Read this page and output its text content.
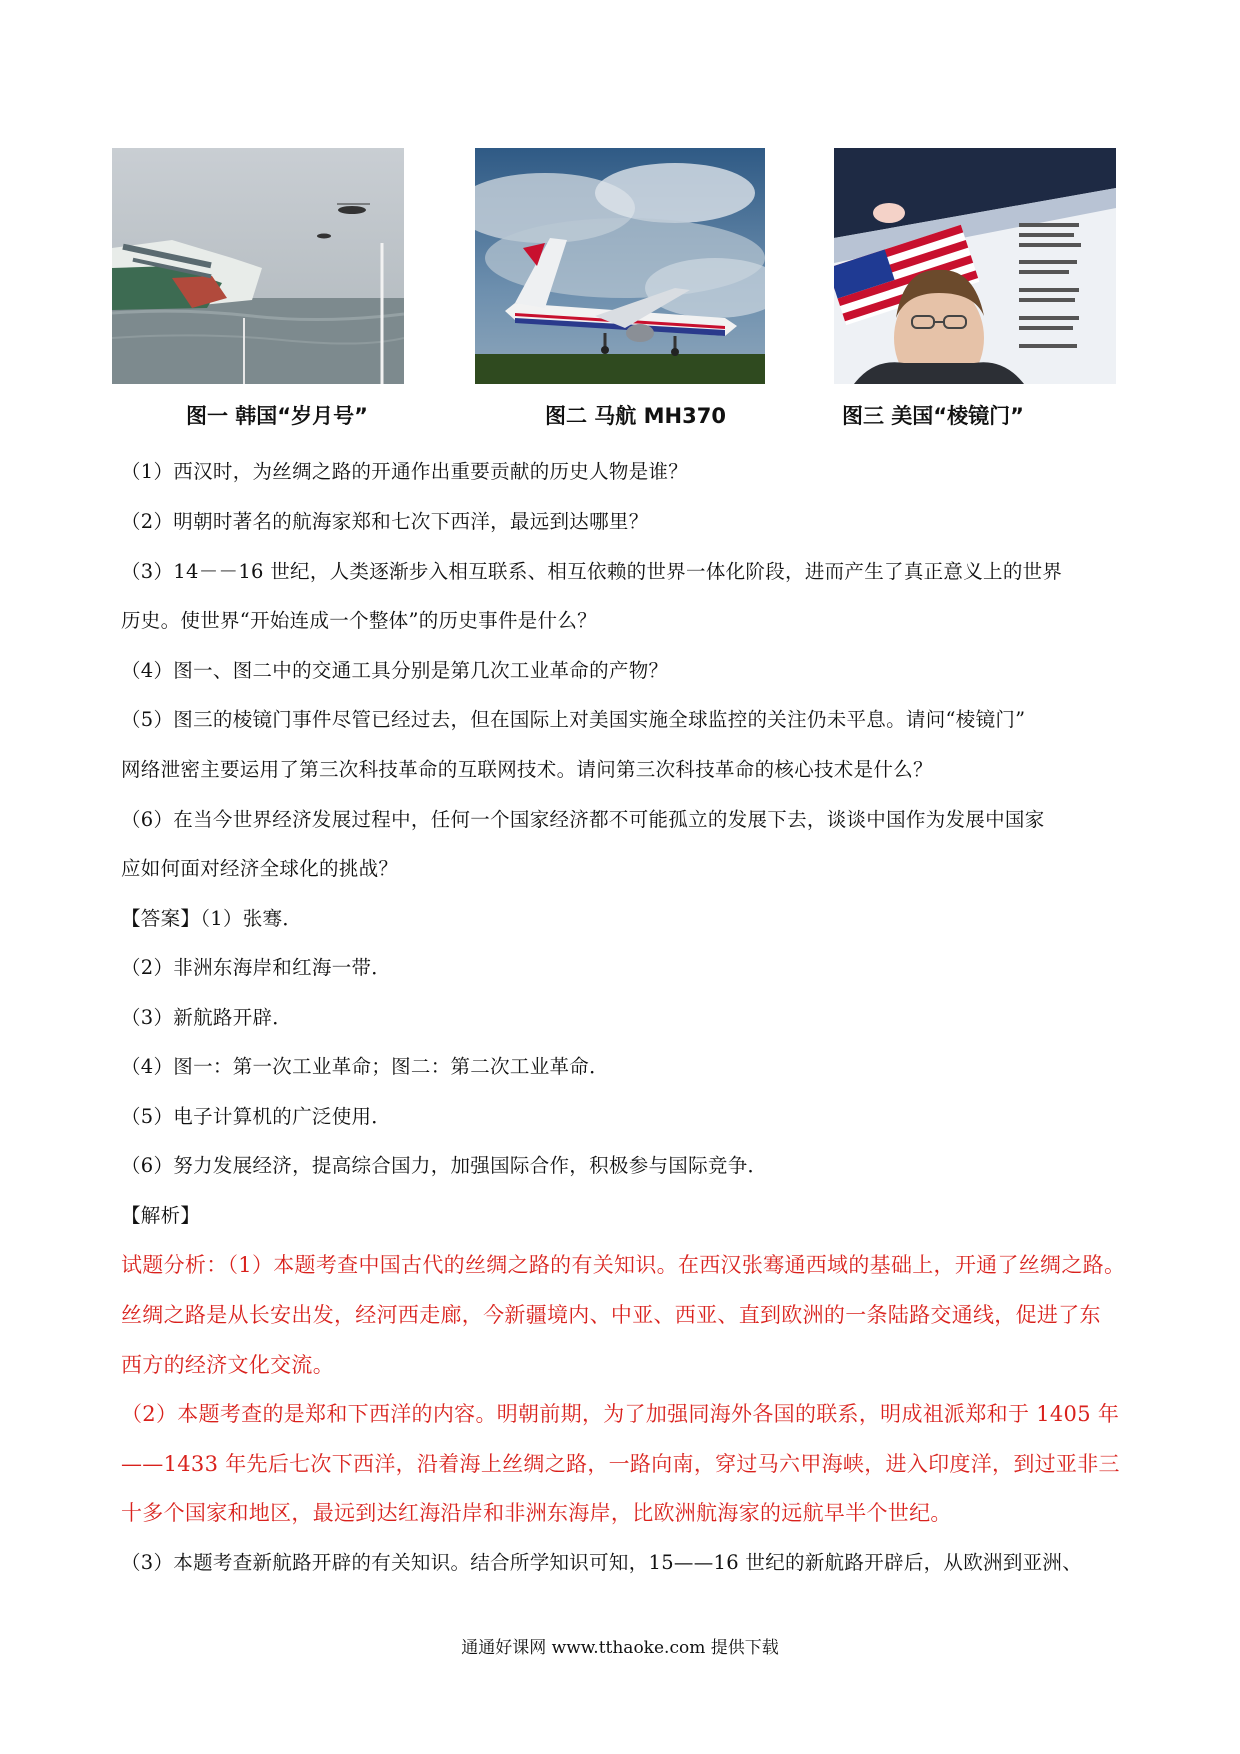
图一 韩国“岁月号”	图二 马航 MH370	图三 美国“棱镜门”
（1）西汉时，为丝绸之路的开通作出重要贡献的历史人物是谁？
（2）明朝时著名的航海家郑和七次下西洋，最远到达哪里？
（3）14－－16 世纪，人类逐渐步入相互联系、相互依赖的世界一体化阶段，进而产生了真正意义上的世界
历史。使世界“开始连成一个整体”的历史事件是什么？
（4）图一、图二中的交通工具分别是第几次工业革命的产物？
（5）图三的棱镜门事件尽管已经过去，但在国际上对美国实施全球监控的关注仍未平息。请问“棱镜门”
网络泄密主要运用了第三次科技革命的互联网技术。请问第三次科技革命的核心技术是什么？
（6）在当今世界经济发展过程中，任何一个国家经济都不可能孤立的发展下去，谈谈中国作为发展中国家
应如何面对经济全球化的挑战？
【答案】（1）张骞．
（2）非洲东海岸和红海一带．
（3）新航路开辟．
（4）图一：第一次工业革命；图二：第二次工业革命．
（5）电子计算机的广泛使用．
（6）努力发展经济，提高综合国力，加强国际合作，积极参与国际竞争．
【解析】
试题分析：（1）本题考查中国古代的丝绸之路的有关知识。在西汉张骞通西域的基础上，开通了丝绸之路。
丝绸之路是从长安出发，经河西走廊，今新疆境内、中亚、西亚、直到欧洲的一条陆路交通线，促进了东
西方的经济文化交流。
（2）本题考查的是郑和下西洋的内容。明朝前期，为了加强同海外各国的联系，明成祖派郑和于 1405 年
——1433 年先后七次下西洋，沿着海上丝绸之路，一路向南，穿过马六甲海峡，进入印度洋，到过亚非三
十多个国家和地区，最远到达红海沿岸和非洲东海岸，比欧洲航海家的远航早半个世纪。
（3）本题考查新航路开辟的有关知识。结合所学知识可知，15——16 世纪的新航路开辟后，从欧洲到亚洲、
通通好课网 www.tthaoke.com 提供下载
